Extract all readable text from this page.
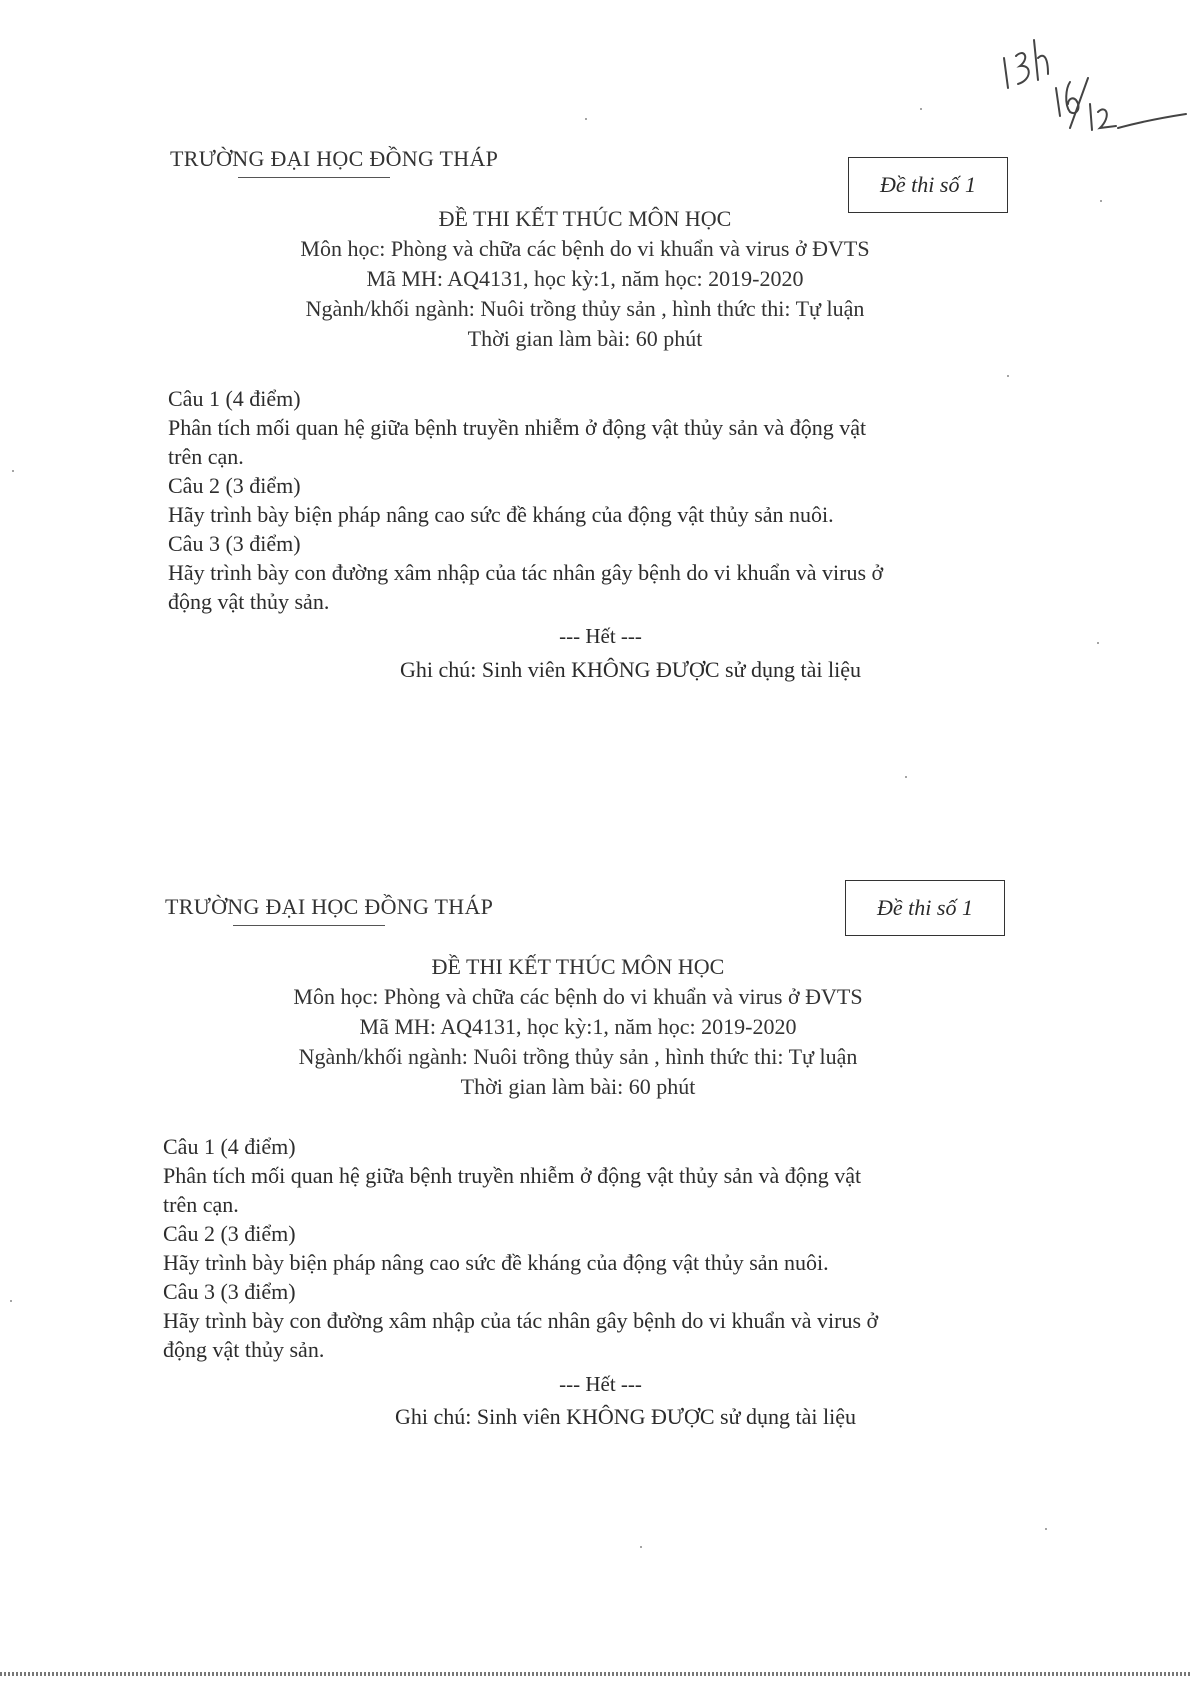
TRƯỜNG ĐẠI HỌC ĐỒNG THÁP
Đề thi số 1
ĐỀ THI KẾT THÚC MÔN HỌC
Môn học: Phòng và chữa các bệnh do vi khuẩn và virus ở ĐVTS
Mã MH: AQ4131, học kỳ:1, năm học: 2019-2020
Ngành/khối ngành: Nuôi trồng thủy sản , hình thức thi: Tự luận
Thời gian làm bài: 60 phút
Câu 1 (4 điểm)
Phân tích mối quan hệ giữa bệnh truyền nhiễm ở động vật thủy sản và động vật
trên cạn.
Câu 2 (3 điểm)
Hãy trình bày biện pháp nâng cao sức đề kháng của động vật thủy sản nuôi.
Câu 3 (3 điểm)
Hãy trình bày con đường xâm nhập của tác nhân gây bệnh do vi khuẩn và virus ở
động vật thủy sản.
--- Hết ---
Ghi chú: Sinh viên KHÔNG ĐƯỢC sử dụng tài liệu
TRƯỜNG ĐẠI HỌC ĐỒNG THÁP	Đề thi số 1
ĐỀ THI KẾT THÚC MÔN HỌC
Môn học: Phòng và chữa các bệnh do vi khuẩn và virus ở ĐVTS
Mã MH: AQ4131, học kỳ:1, năm học: 2019-2020
Ngành/khối ngành: Nuôi trồng thủy sản , hình thức thi: Tự luận
Thời gian làm bài: 60 phút
Câu 1 (4 điểm)
Phân tích mối quan hệ giữa bệnh truyền nhiễm ở động vật thủy sản và động vật
trên cạn.
Câu 2 (3 điểm)
Hãy trình bày biện pháp nâng cao sức đề kháng của động vật thủy sản nuôi.
Câu 3 (3 điểm)
Hãy trình bày con đường xâm nhập của tác nhân gây bệnh do vi khuẩn và virus ở
động vật thủy sản.
--- Hết ---
Ghi chú: Sinh viên KHÔNG ĐƯỢC sử dụng tài liệu
